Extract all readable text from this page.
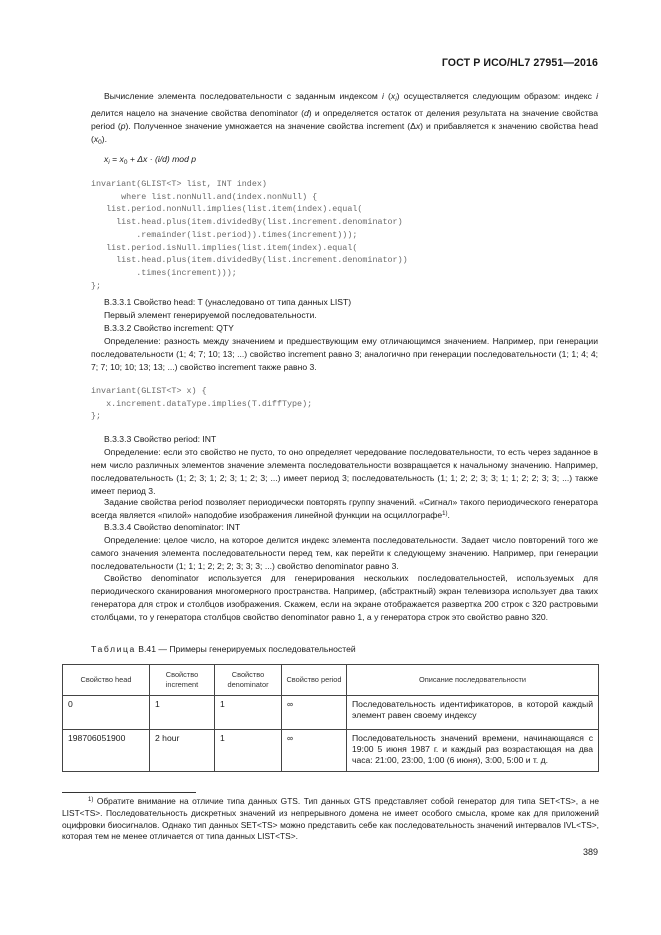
ГОСТ Р ИСО/HL7 27951—2016
Вычисление элемента последовательности с заданным индексом i $(x_i)$ осуществляется следующим образом: индекс i делится нацело на значение свойства denominator (d) и определяется остаток от деления результата на значение свойства period (p). Полученное значение умножается на значение свойства increment (Δx) и прибавляется к значению свойства head $(x_0)$.
$x_i = x_0 + \Delta x \cdot (i/d)$ mod p
invariant(GLIST<T> list, INT index)
where list.nonNull.and(index.nonNull) {
list.period.nonNull.implies(list.item(index).equal(
list.head.plus(item.dividedBy(list.increment.denominator)
.remainder(list.period)).times(increment)));
list.period.isNull.implies(list.item(index).equal(
list.head.plus(item.dividedBy(list.increment.denominator))
.times(increment)));
};
В.3.3.1 Свойство head: T (унаследовано от типа данных LIST)
Первый элемент генерируемой последовательности.
В.3.3.2 Свойство increment: QTY
Определение: разность между значением и предшествующим ему отличающимся значением. Например, при генерации последовательности (1; 4; 7; 10; 13; ...) свойство increment равно 3; аналогично при генерации последовательности (1; 1; 4; 4; 7; 7; 10; 10; 13; 13; ...) свойство increment также равно 3.
invariant(GLIST<T> x) {
x.increment.dataType.implies(T.diffType);
};
В.3.3.3 Свойство period: INT
Определение: если это свойство не пусто, то оно определяет чередование последовательности, то есть через заданное в нем число различных элементов значение элемента последовательности возвращается к начальному значению. Например, последовательность (1; 2; 3; 1; 2; 3; 1; 2; 3; ...) имеет период 3; последовательность (1; 1; 2; 2; 3; 3; 1; 1; 2; 2; 3; 3; ...) также имеет период 3.
Задание свойства period позволяет периодически повторять группу значений. «Сигнал» такого периодического генератора всегда является «пилой» наподобие изображения линейной функции на осциллографе$^{1)}$.
В.3.3.4 Свойство denominator: INT
Определение: целое число, на которое делится индекс элемента последовательности. Задает число повторений того же самого значения элемента последовательности перед тем, как перейти к следующему значению. Например, при генерации последовательности (1; 1; 1; 2; 2; 2; 3; 3; 3; ...) свойство denominator равно 3.
Свойство denominator используется для генерирования нескольких последовательностей, используемых для периодического сканирования многомерного пространства. Например, (абстрактный) экран телевизора использует два таких генератора для строк и столбцов изображения. Скажем, если на экране отображается развертка 200 строк с 320 растровыми столбцами, то у генератора столбцов свойство denominator равно 1, а у генератора строк это свойство равно 320.
Таблица В.41 — Примеры генерируемых последовательностей
Свойство head	Свойство increment	Свойство denominator	Свойство period	Описание последовательности
0	1	1	∞	Последовательность идентификаторов, в которой каждый элемент равен своему индексу
198706051900	2 hour	1	∞	Последовательность значений времени, начинающаяся с 19:00 5 июня 1987 г. и каждый раз возрастающая на два часа: 21:00, 23:00, 1:00 (6 июня), 3:00, 5:00 и т. д.
$^{1)}$ Обратите внимание на отличие типа данных GTS. Тип данных GTS представляет собой генератор для типа SET<TS>, а не LIST<TS>. Последовательность дискретных значений из непрерывного домена не имеет особого смысла, кроме как для приложений оцифровки биосигналов. Однако тип данных SET<TS> можно представить себе как последовательность значений интервалов IVL<TS>, которая тем не менее отличается от типа данных LIST<TS>.
389
